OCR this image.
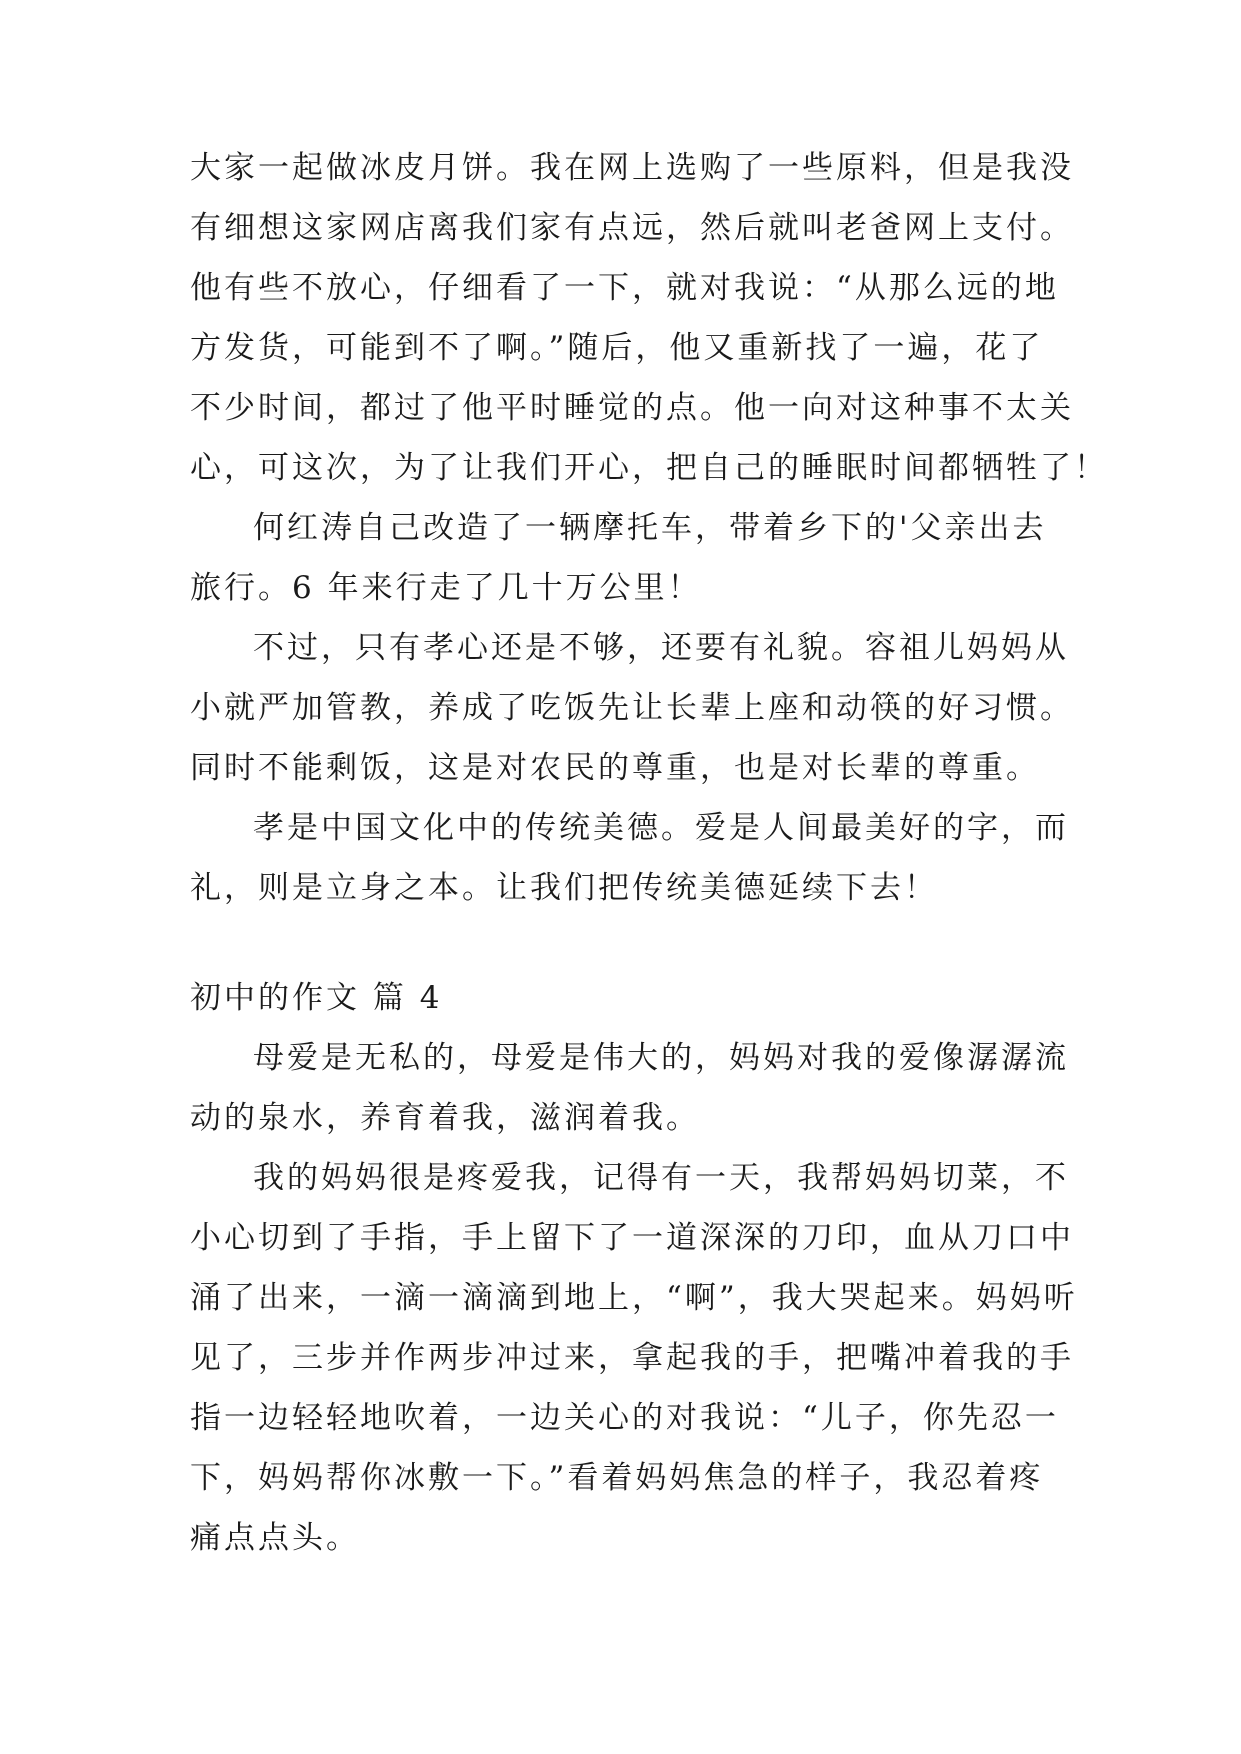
大家一起做冰皮月饼。我在网上选购了一些原料，但是我没
有细想这家网店离我们家有点远，然后就叫老爸网上支付。
他有些不放心，仔细看了一下，就对我说：“从那么远的地
方发货，可能到不了啊。”随后，他又重新找了一遍，花了
不少时间，都过了他平时睡觉的点。他一向对这种事不太关
心，可这次，为了让我们开心，把自己的睡眠时间都牺牲了！
何红涛自己改造了一辆摩托车，带着乡下的'父亲出去
旅行。6 年来行走了几十万公里！
不过，只有孝心还是不够，还要有礼貌。容祖儿妈妈从
小就严加管教，养成了吃饭先让长辈上座和动筷的好习惯。
同时不能剩饭，这是对农民的尊重，也是对长辈的尊重。
孝是中国文化中的传统美德。爱是人间最美好的字，而
礼，则是立身之本。让我们把传统美德延续下去！
初中的作文 篇 4
母爱是无私的，母爱是伟大的，妈妈对我的爱像潺潺流
动的泉水，养育着我，滋润着我。
我的妈妈很是疼爱我，记得有一天，我帮妈妈切菜，不
小心切到了手指，手上留下了一道深深的刀印，血从刀口中
涌了出来，一滴一滴滴到地上，“啊”，我大哭起来。妈妈听
见了，三步并作两步冲过来，拿起我的手，把嘴冲着我的手
指一边轻轻地吹着，一边关心的对我说：“儿子，你先忍一
下，妈妈帮你冰敷一下。”看着妈妈焦急的样子，我忍着疼
痛点点头。
